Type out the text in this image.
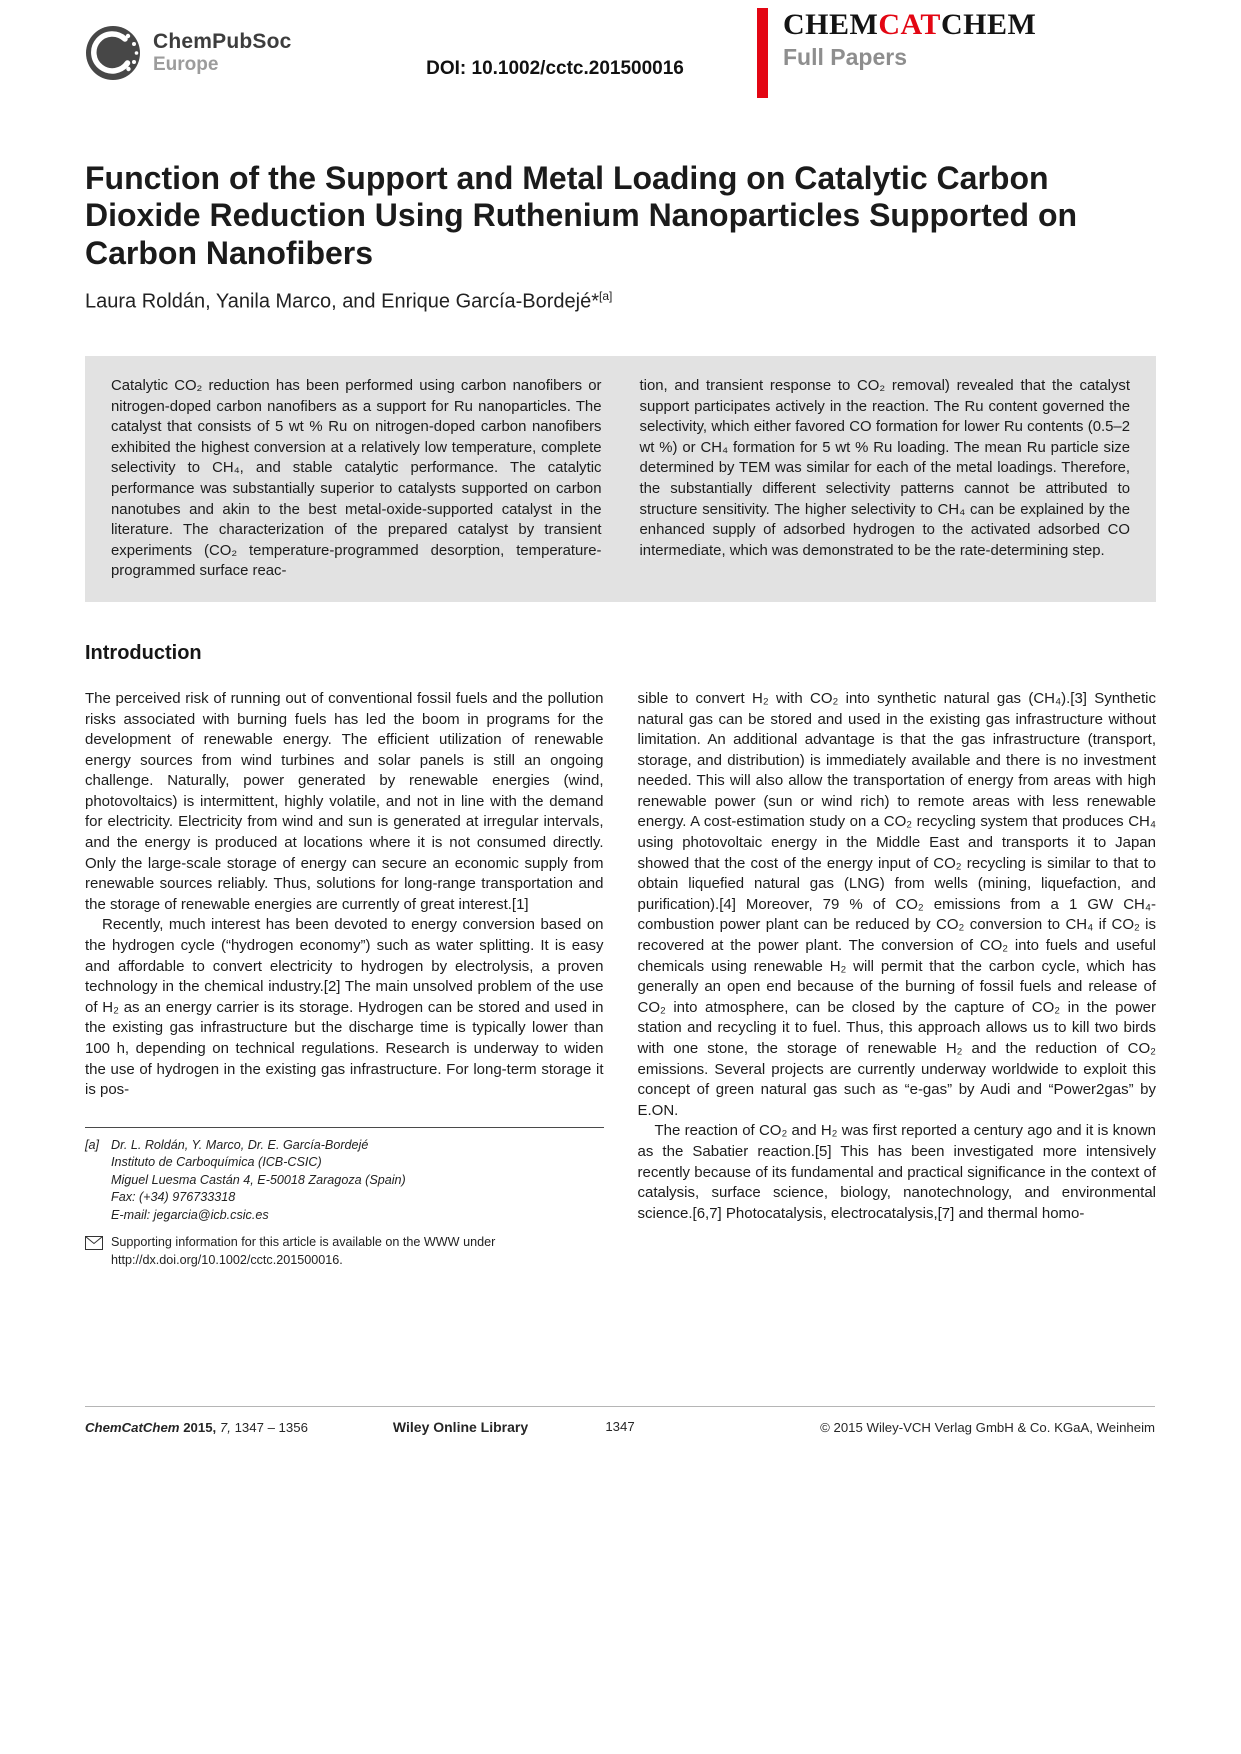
ChemPubSoc
Europe	DOI: 10.1002/cctc.201500016
CHEMCATCHEM
Full Papers
Function of the Support and Metal Loading on Catalytic Carbon Dioxide Reduction Using Ruthenium Nanoparticles Supported on Carbon Nanofibers
Laura Roldán, Yanila Marco, and Enrique García-Bordejé*[a]
Catalytic CO₂ reduction has been performed using carbon nanofibers or nitrogen-doped carbon nanofibers as a support for Ru nanoparticles. The catalyst that consists of 5 wt % Ru on nitrogen-doped carbon nanofibers exhibited the highest conversion at a relatively low temperature, complete selectivity to CH₄, and stable catalytic performance. The catalytic performance was substantially superior to catalysts supported on carbon nanotubes and akin to the best metal-oxide-supported catalyst in the literature. The characterization of the prepared catalyst by transient experiments (CO₂ temperature-programmed desorption, temperature-programmed surface reac-
tion, and transient response to CO₂ removal) revealed that the catalyst support participates actively in the reaction. The Ru content governed the selectivity, which either favored CO formation for lower Ru contents (0.5–2 wt %) or CH₄ formation for 5 wt % Ru loading. The mean Ru particle size determined by TEM was similar for each of the metal loadings. Therefore, the substantially different selectivity patterns cannot be attributed to structure sensitivity. The higher selectivity to CH₄ can be explained by the enhanced supply of adsorbed hydrogen to the activated adsorbed CO intermediate, which was demonstrated to be the rate-determining step.
Introduction

The perceived risk of running out of conventional fossil fuels and the pollution risks associated with burning fuels has led the boom in programs for the development of renewable energy. The efficient utilization of renewable energy sources from wind turbines and solar panels is still an ongoing challenge. Naturally, power generated by renewable energies (wind, photovoltaics) is intermittent, highly volatile, and not in line with the demand for electricity. Electricity from wind and sun is generated at irregular intervals, and the energy is produced at locations where it is not consumed directly. Only the large-scale storage of energy can secure an economic supply from renewable sources reliably. Thus, solutions for long-range transportation and the storage of renewable energies are currently of great interest.[1]

Recently, much interest has been devoted to energy conversion based on the hydrogen cycle (“hydrogen economy”) such as water splitting. It is easy and affordable to convert electricity to hydrogen by electrolysis, a proven technology in the chemical industry.[2] The main unsolved problem of the use of H₂ as an energy carrier is its storage. Hydrogen can be stored and used in the existing gas infrastructure but the discharge time is typically lower than 100 h, depending on technical regulations. Research is underway to widen the use of hydrogen in the existing gas infrastructure. For long-term storage it is pos-

[a] Dr. L. Roldán, Y. Marco, Dr. E. García-Bordejé
Instituto de Carboquímica (ICB-CSIC)
Miguel Luesma Castán 4, E-50018 Zaragoza (Spain)
Fax: (+34) 976733318
E-mail: jegarcia@icb.csic.es
Supporting information for this article is available on the WWW under http://dx.doi.org/10.1002/cctc.201500016.

sible to convert H₂ with CO₂ into synthetic natural gas (CH₄).[3] Synthetic natural gas can be stored and used in the existing gas infrastructure without limitation. An additional advantage is that the gas infrastructure (transport, storage, and distribution) is immediately available and there is no investment needed. This will also allow the transportation of energy from areas with high renewable power (sun or wind rich) to remote areas with less renewable energy. A cost-estimation study on a CO₂ recycling system that produces CH₄ using photovoltaic energy in the Middle East and transports it to Japan showed that the cost of the energy input of CO₂ recycling is similar to that to obtain liquefied natural gas (LNG) from wells (mining, liquefaction, and purification).[4] Moreover, 79 % of CO₂ emissions from a 1 GW CH₄-combustion power plant can be reduced by CO₂ conversion to CH₄ if CO₂ is recovered at the power plant. The conversion of CO₂ into fuels and useful chemicals using renewable H₂ will permit that the carbon cycle, which has generally an open end because of the burning of fossil fuels and release of CO₂ into atmosphere, can be closed by the capture of CO₂ in the power station and recycling it to fuel. Thus, this approach allows us to kill two birds with one stone, the storage of renewable H₂ and the reduction of CO₂ emissions. Several projects are currently underway worldwide to exploit this concept of green natural gas such as “e-gas” by Audi and “Power2gas” by E.ON.

The reaction of CO₂ and H₂ was first reported a century ago and it is known as the Sabatier reaction.[5] This has been investigated more intensively recently because of its fundamental and practical significance in the context of catalysis, surface science, biology, nanotechnology, and environmental science.[6,7] Photocatalysis, electrocatalysis,[7] and thermal homo-

ChemCatChem 2015, 7, 1347 – 1356	Wiley Online Library	1347	© 2015 Wiley-VCH Verlag GmbH & Co. KGaA, Weinheim
